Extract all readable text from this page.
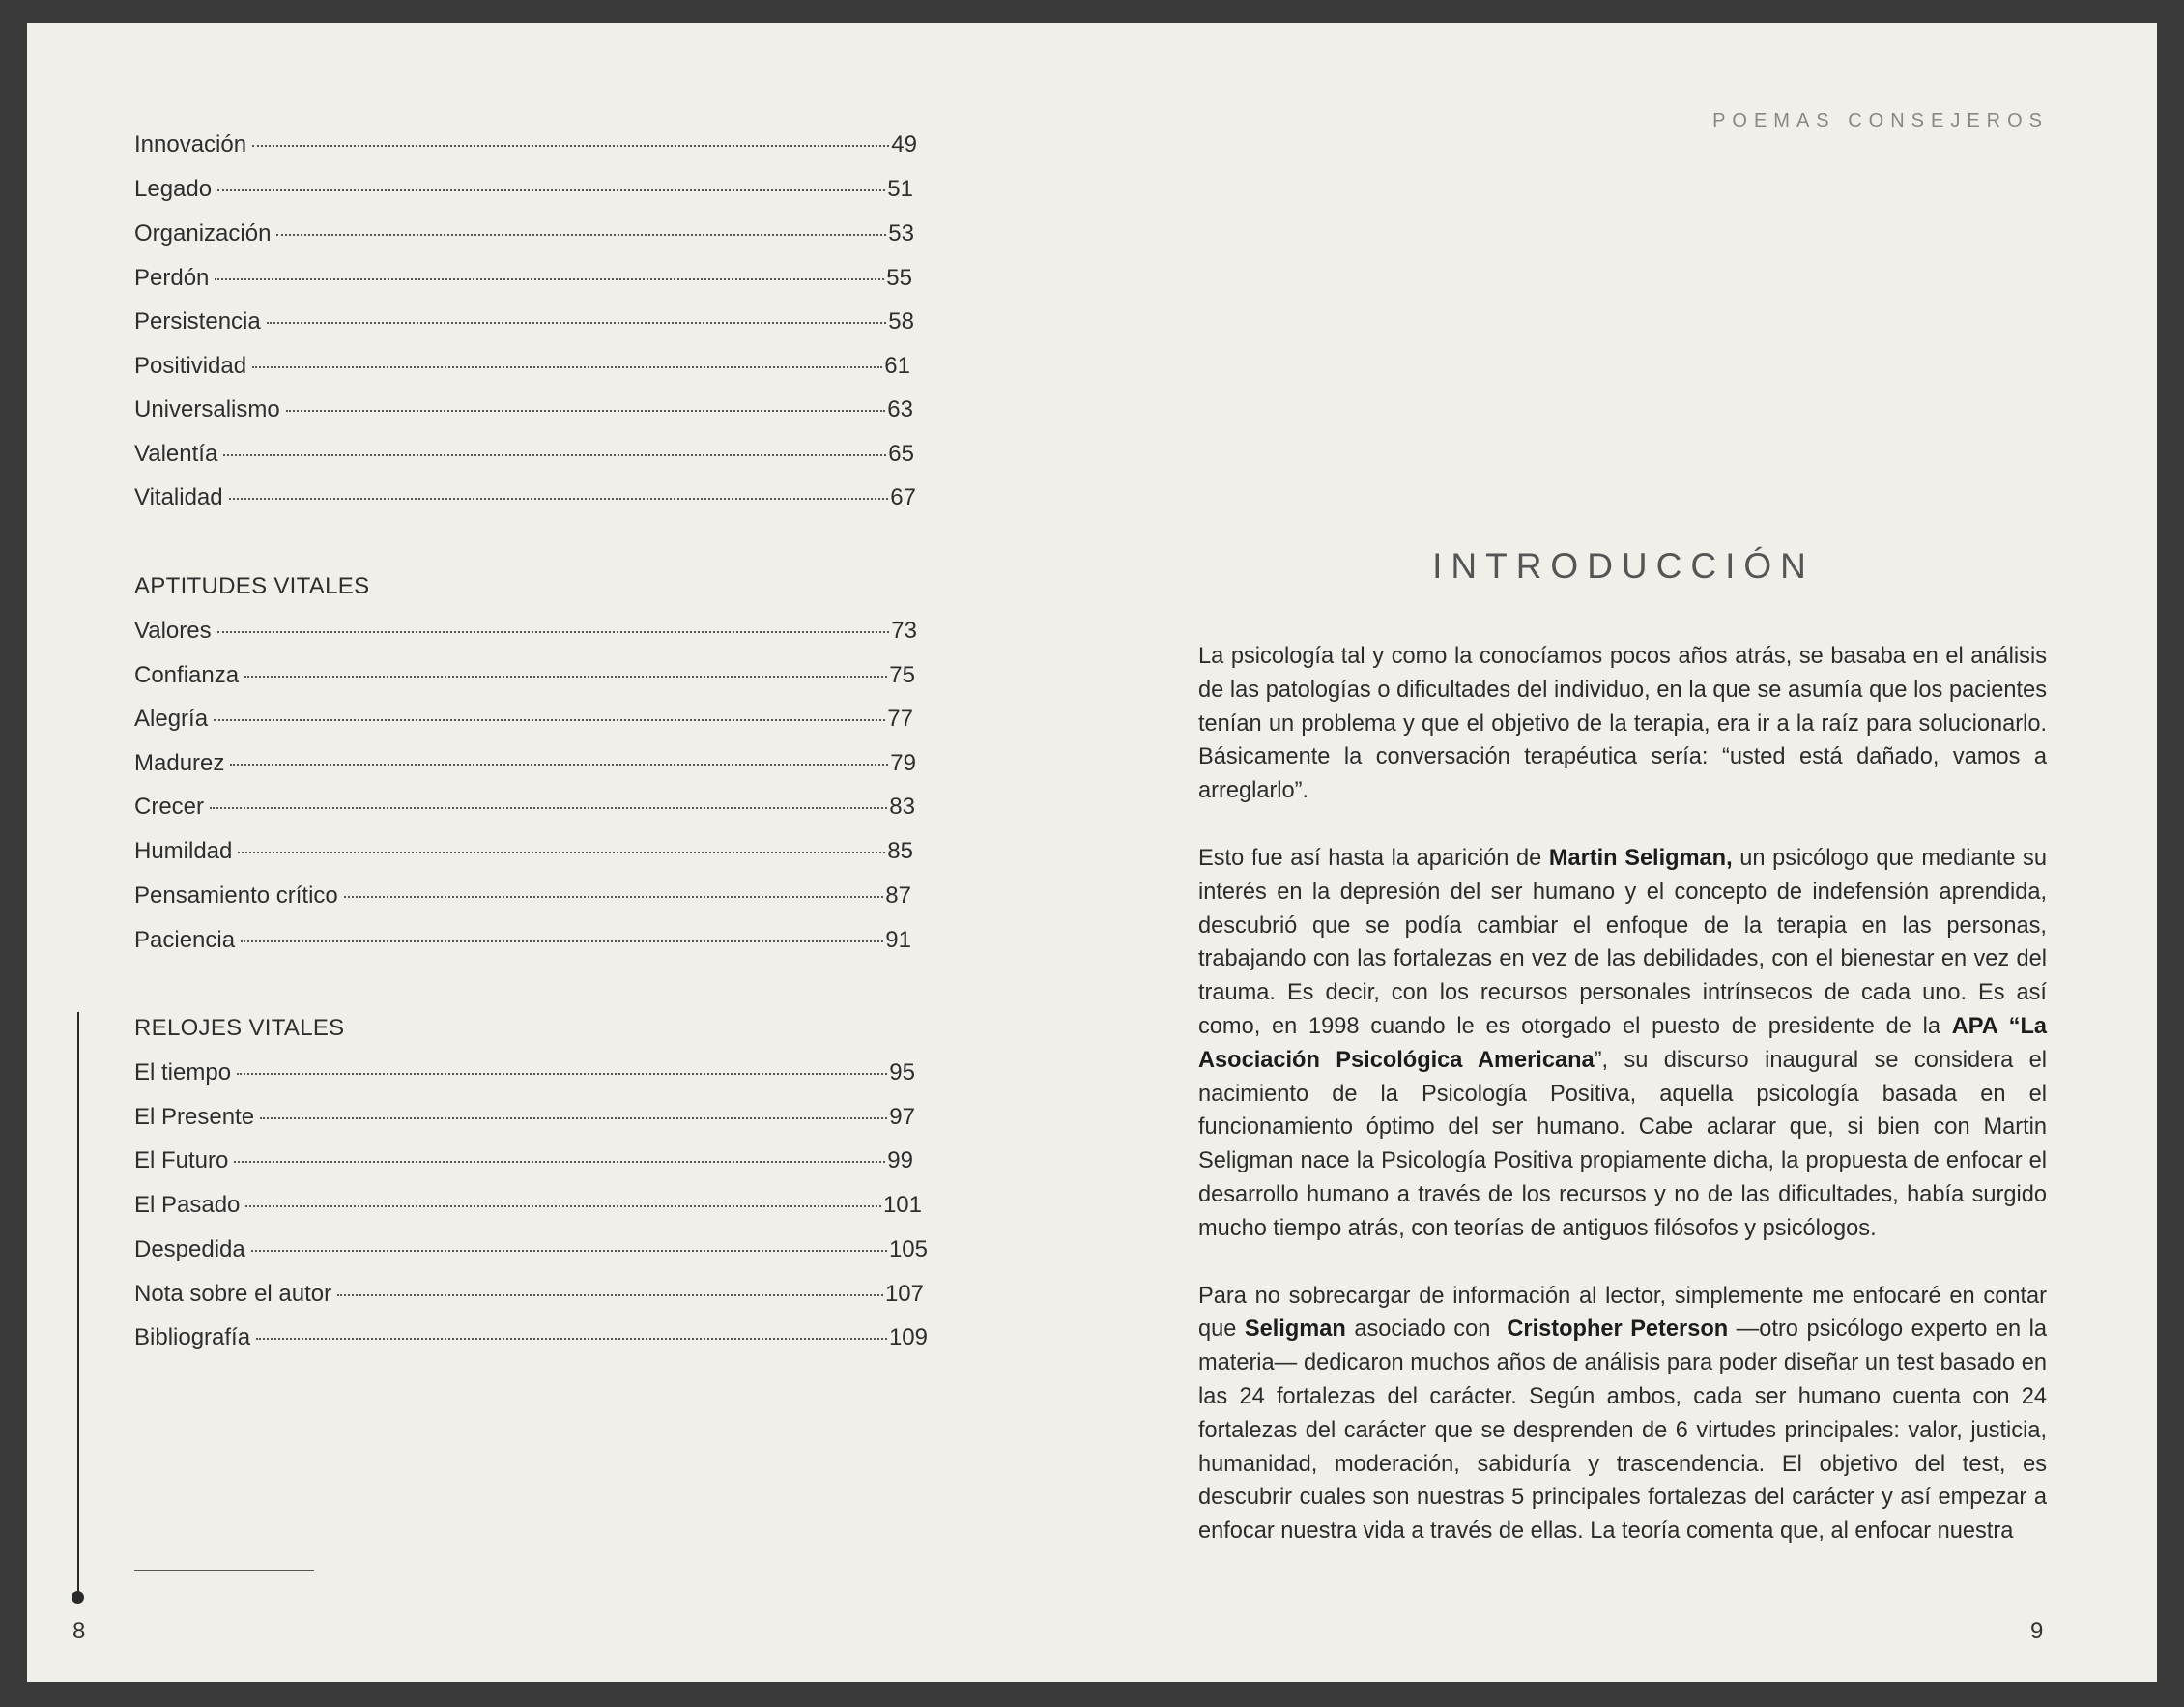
Innovación	49
Legado	51
Organización	53
Perdón	55
Persistencia	58
Positividad	61
Universalismo	63
Valentía	65
Vitalidad	67
APTITUDES VITALES
Valores	73
Confianza	75
Alegría	77
Madurez	79
Crecer	83
Humildad	85
Pensamiento crítico	87
Paciencia	91
RELOJES VITALES
El tiempo	95
El Presente	97
El Futuro	99
El Pasado	101
Despedida	105
Nota sobre el autor	107
Bibliografía	109
8
POEMAS CONSEJEROS
INTRODUCCIÓN

La psicología tal y como la conocíamos pocos años atrás, se basaba en el análisis de las patologías o dificultades del individuo, en la que se asumía que los pacientes tenían un problema y que el objetivo de la terapia, era ir a la raíz para solucionarlo. Básicamente la conversación terapéutica sería: “usted está dañado, vamos a arreglarlo”.

Esto fue así hasta la aparición de Martin Seligman, un psicólogo que mediante su interés en la depresión del ser humano y el concepto de indefensión aprendida, descubrió que se podía cambiar el enfoque de la terapia en las personas, trabajando con las fortalezas en vez de las debilidades, con el bienestar en vez del trauma. Es decir, con los recursos personales intrínsecos de cada uno. Es así como, en 1998 cuando le es otorgado el puesto de presidente de la APA “La Asociación Psicológica Americana”, su discurso inaugural se considera el nacimiento de la Psicología Positiva, aquella psicología basada en el funcionamiento óptimo del ser humano. Cabe aclarar que, si bien con Martin Seligman nace la Psicología Positiva propiamente dicha, la propuesta de enfocar el desarrollo humano a través de los recursos y no de las dificultades, había surgido mucho tiempo atrás, con teorías de antiguos filósofos y psicólogos.

Para no sobrecargar de información al lector, simplemente me enfocaré en contar que Seligman asociado con  Cristopher Peterson —otro psicólogo experto en la materia— dedicaron muchos años de análisis para poder diseñar un test basado en las 24 fortalezas del carácter. Según ambos, cada ser humano cuenta con 24 fortalezas del carácter que se desprenden de 6 virtudes principales: valor, justicia, humanidad, moderación, sabiduría y trascendencia. El objetivo del test, es descubrir cuales son nuestras 5 principales fortalezas del carácter y así empezar a enfocar nuestra vida a través de ellas. La teoría comenta que, al enfocar nuestra

9
